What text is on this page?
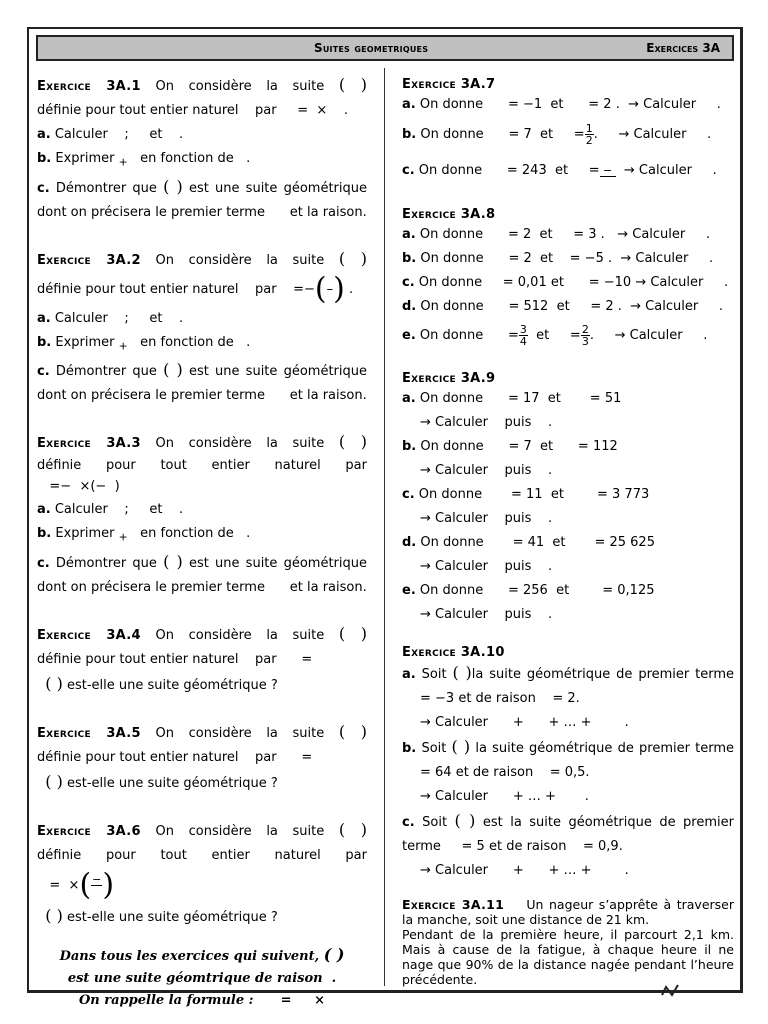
Suites geometriques	Exercices 3A
Exercice 3A.1 On considère la suite ( )
définie pour tout entier naturel    par     =  ×    .
a. Calculer    ;     et    .
b. Exprimer $_+$ en fonction de   .
c. Démontrer que ( ) est une suite géométrique
dont on précisera le premier terme      et la raison.
Exercice 3A.2 On considère la suite ( )
définie pour tout entier naturel    par    =−(–) .
a. Calculer    ;     et    .
b. Exprimer $_+$ en fonction de   .
c. Démontrer que ( ) est une suite géométrique
dont on précisera le premier terme      et la raison.
Exercice 3A.3 On considère la suite ( )
définie pour tout entier naturel par
=−  ×(−  )
a. Calculer    ;     et    .
b. Exprimer $_+$ en fonction de   .
c. Démontrer que ( ) est une suite géométrique
dont on précisera le premier terme      et la raison.
Exercice 3A.4 On considère la suite ( )
définie pour tout entier naturel    par      =
( ) est-elle une suite géométrique ?
Exercice 3A.5 On considère la suite ( )
définie pour tout entier naturel    par      =
( ) est-elle une suite géométrique ?
Exercice 3A.6 On considère la suite ( )
définie pour tout entier naturel par
=  ×( −
)
( ) est-elle une suite géométrique ?
Dans tous les exercices qui suivent, ( )
est une suite géomtrique de raison  .
On rappelle la formule :      =     ×
Exercice 3A.7
a. On donne      = −1  et      = 2 .  → Calculer     .
b. On donne      = 7  et     = $\frac{1}{2}$ .     → Calculer     .
c. On donne      = 243  et     = − → Calculer     .
Exercice 3A.8
a. On donne      = 2  et     = 3 .   → Calculer     .
b. On donne      = 2  et    = −5 .  → Calculer     .
c. On donne     = 0,01 et      = −10 → Calculer     .
d. On donne      = 512  et     = 2 .  → Calculer     .
e. On donne      = $\frac{3}{4}$ et     = $\frac{2}{3}$ .     → Calculer     .
Exercice 3A.9
a. On donne      = 17  et       = 51
→ Calculer    puis    .
b. On donne      = 7  et      = 112
→ Calculer    puis    .
c. On donne       = 11  et        = 3 773
→ Calculer    puis    .
d. On donne       = 41  et       = 25 625
→ Calculer    puis    .
e. On donne      = 256  et        = 0,125
→ Calculer    puis    .
Exercice 3A.10
a. Soit ( )la suite géométrique de premier terme
= −3 et de raison    = 2.
→ Calculer      +      + … +        .
b. Soit ( ) la suite géométrique de premier terme
= 64 et de raison    = 0,5.
→ Calculer      + … +       .
c. Soit ( ) est la suite géométrique de premier
terme     = 5 et de raison    = 0,9.
→ Calculer      +      + … +        .
Exercice 3A.11 Un nageur s’apprête à traverser la manche, soit une distance de 21 km.
Pendant de la première heure, il parcourt 2,1 km. Mais à cause de la fatigue, à chaque heure il ne nage que 90% de la distance nagée pendant l’heure précédente.
